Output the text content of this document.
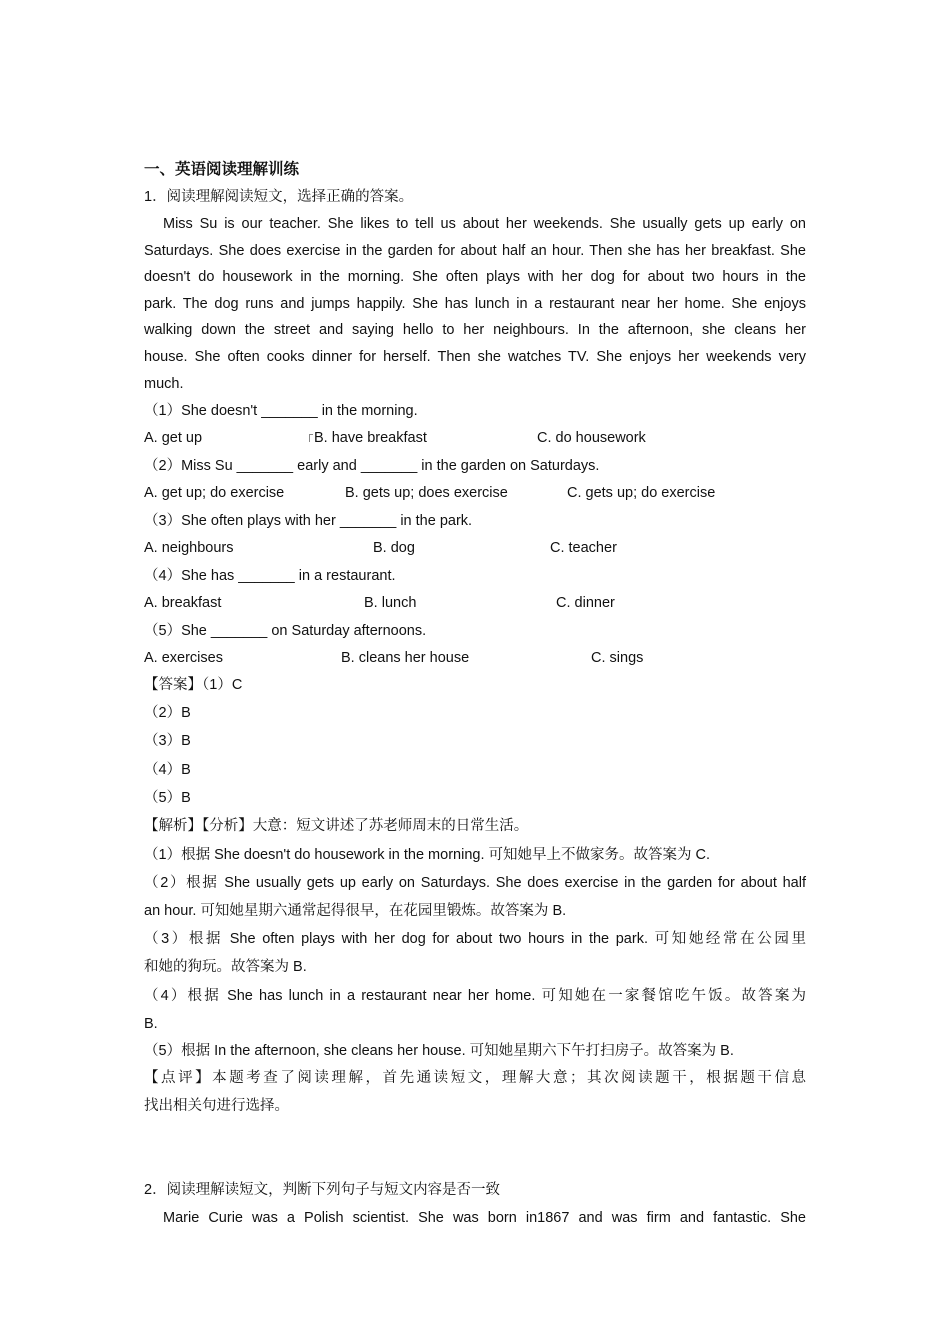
一、英语阅读理解训练
1．阅读理解阅读短文，选择正确的答案。
Miss Su is our teacher. She likes to tell us about her weekends. She usually gets up early on
Saturdays. She does exercise in the garden for about half an hour. Then she has her breakfast. She
doesn't do housework in the morning. She often plays with her dog for about two hours in the
park. The dog runs and jumps happily. She has lunch in a restaurant near her home. She enjoys
walking down the street and saying hello to her neighbours. In the afternoon, she cleans her
house. She often cooks dinner for herself. Then she watches TV. She enjoys her weekends very
much.
（1）She doesn't _______ in the morning.
A. get up	B. have breakfast	C. do housework
（2）Miss Su _______ early and _______ in the garden on Saturdays.
A. get up; do exercise	B. gets up; does exercise	C. gets up; do exercise
（3）She often plays with her _______ in the park.
A. neighbours	B. dog	C. teacher
（4）She has _______ in a restaurant.
A. breakfast	B. lunch	C. dinner
（5）She _______ on Saturday afternoons.
A. exercises	B. cleans her house	C. sings
【答案】（1）C
（2）B
（3）B
（4）B
（5）B
【解析】【分析】大意：短文讲述了苏老师周末的日常生活。
（1）根据 She doesn't do housework in the morning. 可知她早上不做家务。故答案为 C.
（2）根据 She usually gets up early on Saturdays. She does exercise in the garden for about half
an hour. 可知她星期六通常起得很早，在花园里锻炼。故答案为 B.
（3）根据 She often plays with her dog for about two hours in the park. 可知她经常在公园里
和她的狗玩。故答案为 B.
（4）根据 She has lunch in a restaurant near her home. 可知她在一家餐馆吃午饭。故答案为
B.
（5）根据 In the afternoon, she cleans her house. 可知她星期六下午打扫房子。故答案为 B.
【点评】本题考查了阅读理解，首先通读短文，理解大意；其次阅读题干，根据题干信息
找出相关句进行选择。
2．阅读理解读短文，判断下列句子与短文内容是否一致
Marie Curie was a Polish scientist. She was born in1867 and was firm and fantastic. She
